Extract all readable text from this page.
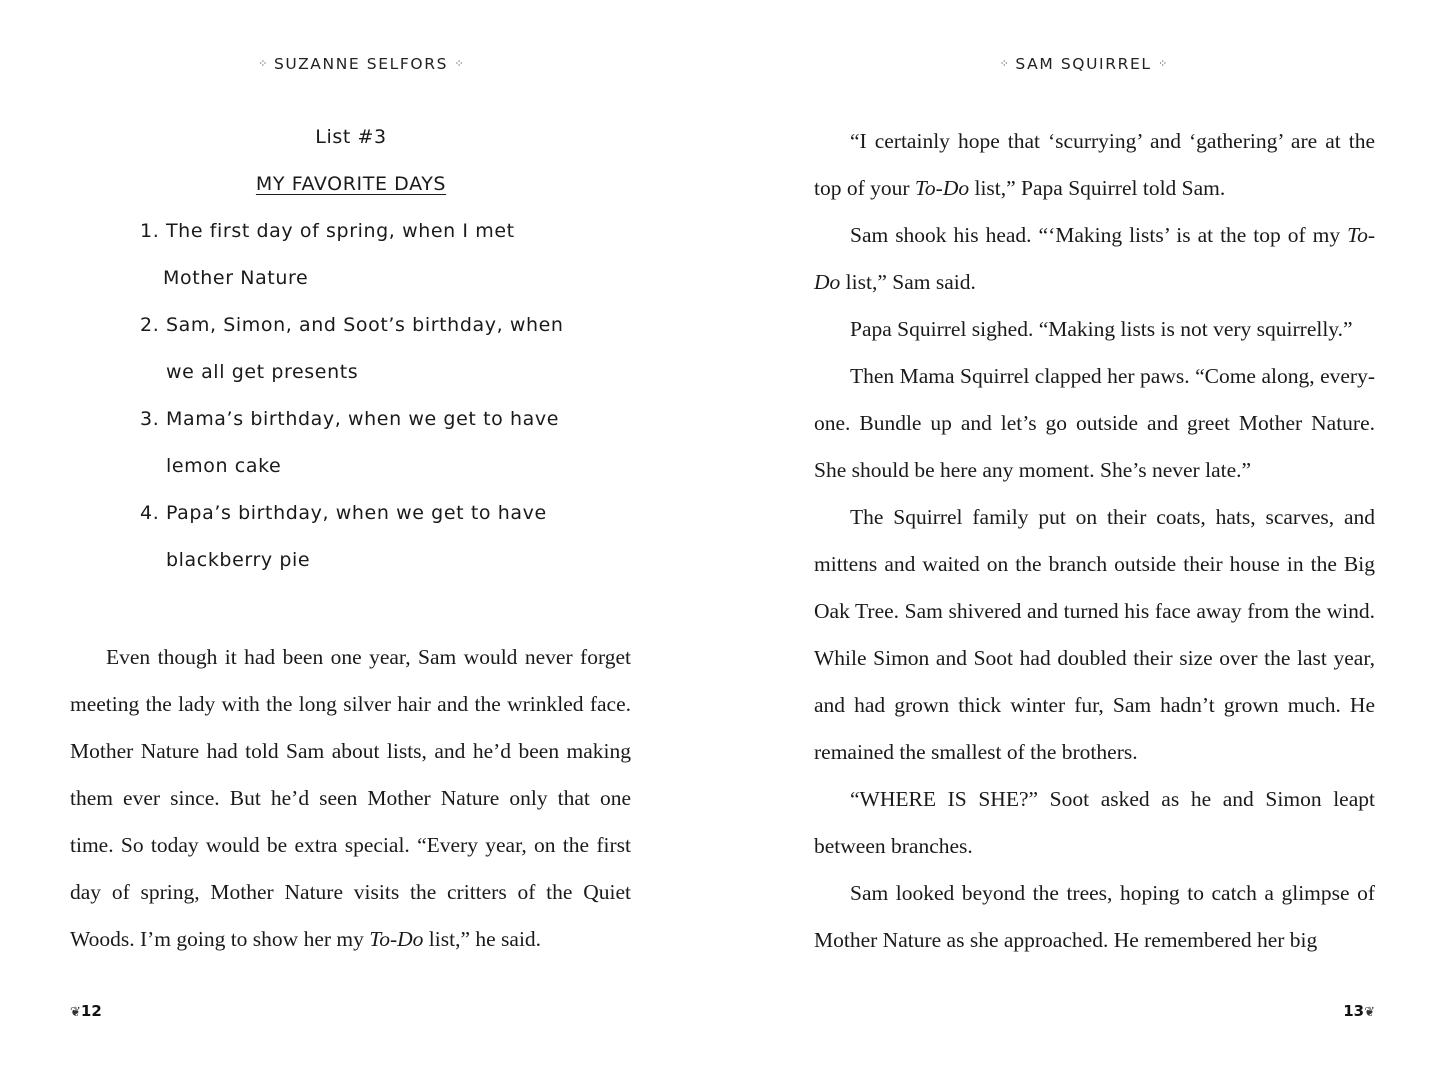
⁘ SUZANNE SELFORS ⁘
List #3
MY FAVORITE DAYS
1. The first day of spring, when I met
Mother Nature
2. Sam, Simon, and Soot’s birthday, when
we all get presents
3. Mama’s birthday, when we get to have
lemon cake
4. Papa’s birthday, when we get to have
blackberry pie

Even though it had been one year, Sam would never forget meeting the lady with the long silver hair and the wrinkled face. Mother Nature had told Sam about lists, and he’d been making them ever since. But he’d seen Mother Nature only that one time. So today would be extra special. “Every year, on the first day of spring, Mother Nature visits the critters of the Quiet Woods. I’m going to show her my To-Do list,” he said.

❦12
⁘ SAM SQUIRREL ⁘

“I certainly hope that ‘scurrying’ and ‘gathering’ are at the top of your To-Do list,” Papa Squirrel told Sam.

Sam shook his head. “‘Making lists’ is at the top of my To-Do list,” Sam said.

Papa Squirrel sighed. “Making lists is not very squirrelly.”

Then Mama Squirrel clapped her paws. “Come along, everyone. Bundle up and let’s go outside and greet Mother Nature. She should be here any moment. She’s never late.”

The Squirrel family put on their coats, hats, scarves, and mittens and waited on the branch outside their house in the Big Oak Tree. Sam shivered and turned his face away from the wind. While Simon and Soot had doubled their size over the last year, and had grown thick winter fur, Sam hadn’t grown much. He remained the smallest of the brothers.

“WHERE IS SHE?” Soot asked as he and Simon leapt between branches.

Sam looked beyond the trees, hoping to catch a glimpse of Mother Nature as she approached. He remembered her big

13❦
